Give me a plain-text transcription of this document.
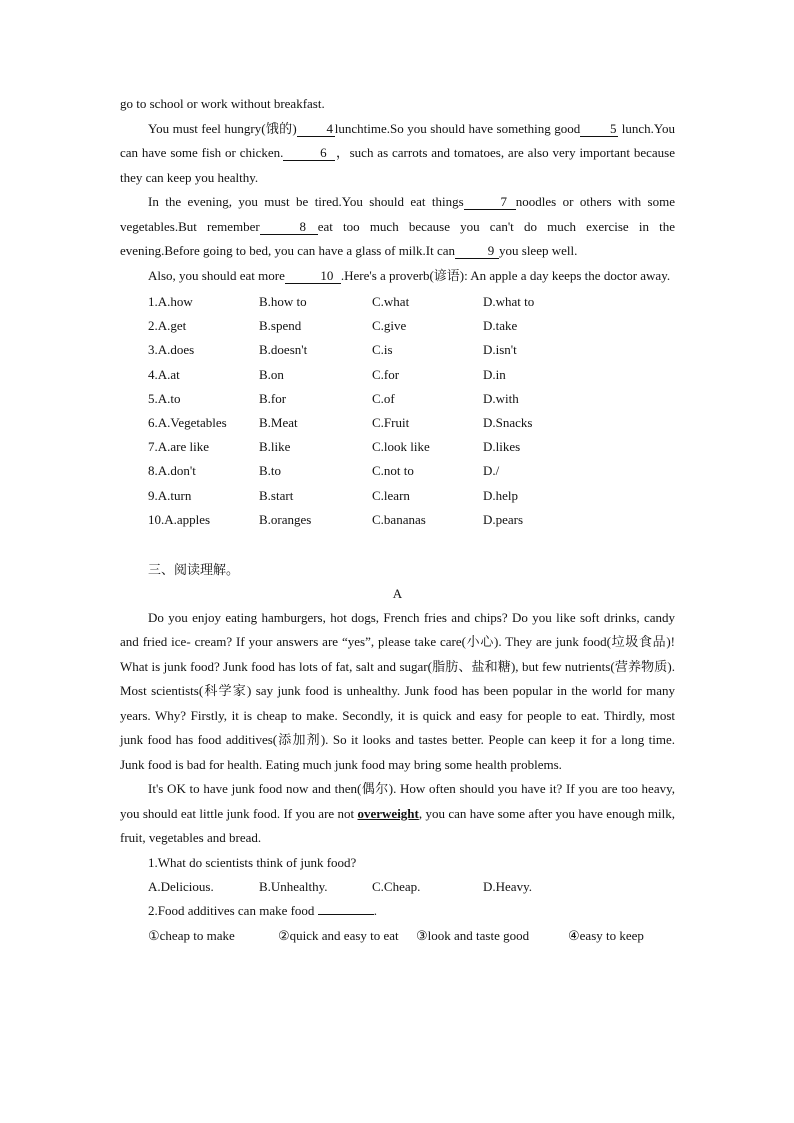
go to school or work without breakfast.

You must feel hungry(饿的) 4 lunchtime.So you should have something good 5 lunch.You can have some fish or chicken.	6 ，such as carrots and tomatoes, are also very important because they can keep you healthy.

In the evening, you must be tired.You should eat things	7 noodles or others with some vegetables.But remember	8 eat too much because you can't do much exercise in the evening.Before going to bed, you can have a glass of milk.It can	9 you sleep well.

Also, you should eat more	10 .Here's a proverb(谚语): An apple a day keeps the doctor away.

1.A.how	B.how to	C.what	D.what to
2.A.get	B.spend	C.give	D.take
3.A.does	B.doesn't	C.is	D.isn't
4.A.at	B.on	C.for	D.in
5.A.to	B.for	C.of	D.with
6.A.Vegetables B.Meat	C.Fruit	D.Snacks
7.A.are like	B.like	C.look like	D.likes
8.A.don't	B.to	C.not to	D./
9.A.turn	B.start	C.learn	D.help
10.A.apples	B.oranges	C.bananas	D.pears
三、阅读理解。
A

Do you enjoy eating hamburgers, hot dogs, French fries and chips? Do you like soft drinks, candy and fried ice- cream? If your answers are “yes”, please take care(小心). They are junk food(垃圾食品)! What is junk food? Junk food has lots of fat, salt and sugar(脂肪、盐和糖), but few nutrients(营养物质). Most scientists(科学家) say junk food is unhealthy. Junk food has been popular in the world for many years. Why? Firstly, it is cheap to make. Secondly, it is quick and easy for people to eat. Thirdly, most junk food has food additives(添加剂). So it looks and tastes better. People can keep it for a long time. Junk food is bad for health. Eating much junk food may bring some health problems.

It's OK to have junk food now and then(偶尔). How often should you have it? If you are too heavy, you should eat little junk food. If you are not overweight, you can have some after you have enough milk, fruit, vegetables and bread.

1.What do scientists think of junk food?

A.Delicious.	B.Unhealthy.	C.Cheap.	D.Heavy.

2.Food additives can make food	.

①cheap to make	②quick and easy to eat ③look and taste good	④easy to keep
